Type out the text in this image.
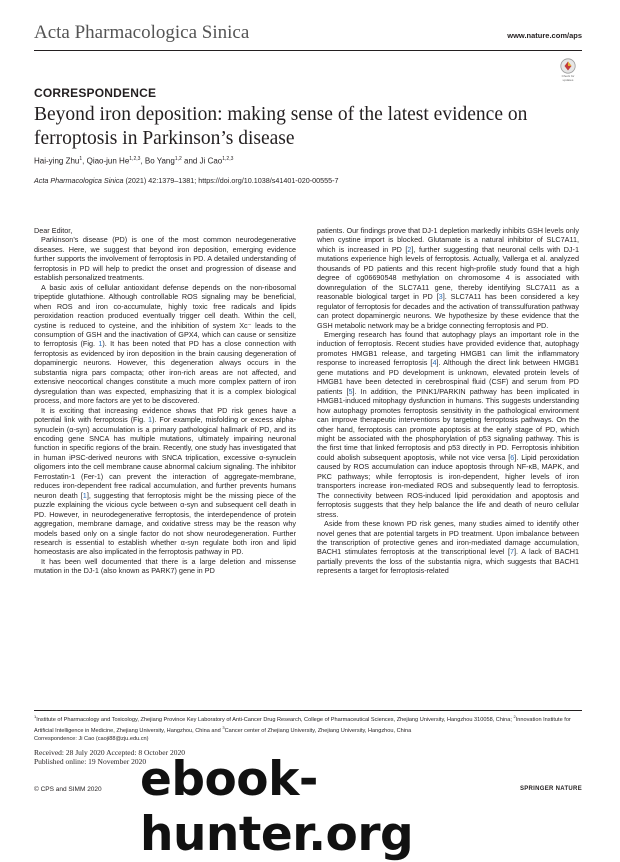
Acta Pharmacologica Sinica	www.nature.com/aps
Check for updates
CORRESPONDENCE
Beyond iron deposition: making sense of the latest evidence on ferroptosis in Parkinson’s disease
Hai-ying Zhu$^1$, Qiao-jun He$^{1,2,3}$, Bo Yang$^{1,2}$ and Ji Cao$^{1,2,3}$
Acta Pharmacologica Sinica (2021) 42:1379–1381; https://doi.org/10.1038/s41401-020-00555-7

Dear Editor,

Parkinson’s disease (PD) is one of the most common neurodegenerative diseases. Here, we suggest that beyond iron deposition, emerging evidence further supports the involvement of ferroptosis in PD. A detailed understanding of ferroptosis in PD will help to predict the onset and progression of disease and establish personalized treatments.

A basic axis of cellular antioxidant defense depends on the non-ribosomal tripeptide glutathione. Although controllable ROS signaling may be beneficial, when ROS and iron co-accumulate, highly toxic free radicals and lipids peroxidation reaction produced eventually trigger cell death. Within the cell, cystine is reduced to cysteine, and the inhibition of system Xc⁻ leads to the consumption of GSH and the inactivation of GPX4, which can cause or sensitize to ferroptosis (Fig. 1). It has been noted that PD has a close connection with ferroptosis as evidenced by iron deposition in the brain causing degeneration of dopaminergic neurons. However, this degeneration always occurs in the substantia nigra pars compacta; other iron-rich areas are not affected, and extensive neocortical changes constitute a much more complex pattern of iron dysregulation than was expected, emphasizing that it is a complex biological process, and more factors are yet to be discovered.

It is exciting that increasing evidence shows that PD risk genes have a potential link with ferroptosis (Fig. 1). For example, misfolding or excess alpha-synuclein (α-syn) accumulation is a primary pathological hallmark of PD, and its encoding gene SNCA has multiple mutations, ultimately impairing neuronal function in specific regions of the brain. Recently, one study has investigated that in human iPSC-derived neurons with SNCA triplication, excessive α-synuclein oligomers into the cell membrane cause abnormal calcium signaling. The inhibitor Ferrostatin-1 (Fer-1) can prevent the interaction of aggregate-membrane, reduces iron-dependent free radical accumulation, and further prevents humans neuron death [1], suggesting that ferroptosis might be the missing piece of the puzzle explaining the vicious cycle between α-syn and subsequent cell death in PD. However, in neurodegenerative ferroptosis, the interdependence of protein aggregation, membrane damage, and oxidative stress may be the reason why models based only on a single factor do not show neurodegeneration. Further research is essential to establish whether α-syn regulate both iron and lipid homeostasis are also implicated in the ferroptosis pathway in PD.

It has been well documented that there is a large deletion and missense mutation in the DJ-1 (also known as PARK7) gene in PD

patients. Our findings prove that DJ-1 depletion markedly inhibits GSH levels only when cystine import is blocked. Glutamate is a natural inhibitor of SLC7A11, which is increased in PD [2], further suggesting that neuronal cells with DJ-1 mutations experience high levels of ferroptosis. Actually, Vallerga et al. analyzed thousands of PD patients and this recent high-profile study found that a high degree of cg06690548 methylation on chromosome 4 is associated with downregulation of the SLC7A11 gene, thereby identifying SLC7A11 as a reasonable biological target in PD [3]. SLC7A11 has been considered a key regulator of ferroptosis for decades and the activation of transsulfuration pathway can protect dopaminergic neurons. We hypothesize by these evidence that the GSH metabolic network may be a bridge connecting ferroptosis and PD.

Emerging research has found that autophagy plays an important role in the induction of ferroptosis. Recent studies have provided evidence that, autophagy promotes HMGB1 release, and targeting HMGB1 can limit the inflammatory response to increased ferroptosis [4]. Although the direct link between HMGB1 gene mutations and PD development is unknown, elevated protein levels of HMGB1 have been detected in cerebrospinal fluid (CSF) and serum from PD patients [5]. In addition, the PINK1/PARKIN pathway has been implicated in HMGB1-induced mitophagy dysfunction in humans. This suggests understanding how autophagy promotes ferroptosis sensitivity in the pathological environment can improve therapeutic interventions by targeting ferroptosis pathways. On the other hand, ferroptosis can promote apoptosis at the early stage of PD, which might be associated with the phosphorylation of p53 signaling pathway. This is the first time that linked ferroptosis and p53 directly in PD. Ferroptosis inhibition could abolish subsequent apoptosis, while not vice versa [6]. Lipid peroxidation caused by ROS accumulation can induce apoptosis through NF-κB, MAPK, and PKC pathways; while ferroptosis is iron-dependent, higher levels of iron transporters increase iron-mediated ROS and subsequently lead to ferroptosis. The connectivity between ROS-induced lipid peroxidation and apoptosis and ferroptosis suggests that they help balance the life and death of neuro cellular stress.

Aside from these known PD risk genes, many studies aimed to identify other novel genes that are potential targets in PD treatment. Upon imbalance between the transcription of protective genes and iron-mediated damage accumulation, BACH1 stimulates ferroptosis at the transcriptional level [7]. A lack of BACH1 partially prevents the loss of the substantia nigra, which suggests that BACH1 represents a target for ferroptosis-related

$^1$Institute of Pharmacology and Toxicology, Zhejiang Province Key Laboratory of Anti-Cancer Drug Research, College of Pharmaceutical Sciences, Zhejiang University, Hangzhou 310058, China; $^2$Innovation Institute for Artificial Intelligence in Medicine, Zhejiang University, Hangzhou, China and $^3$Cancer center of Zhejiang University, Zhejiang University, Hangzhou, China
Correspondence: Ji Cao (caoji88@zju.edu.cn)
Received: 28 July 2020 Accepted: 8 October 2020
Published online: 19 November 2020
© CPS and SIMM 2020	SPRINGER NATURE
ebook-hunter.org
